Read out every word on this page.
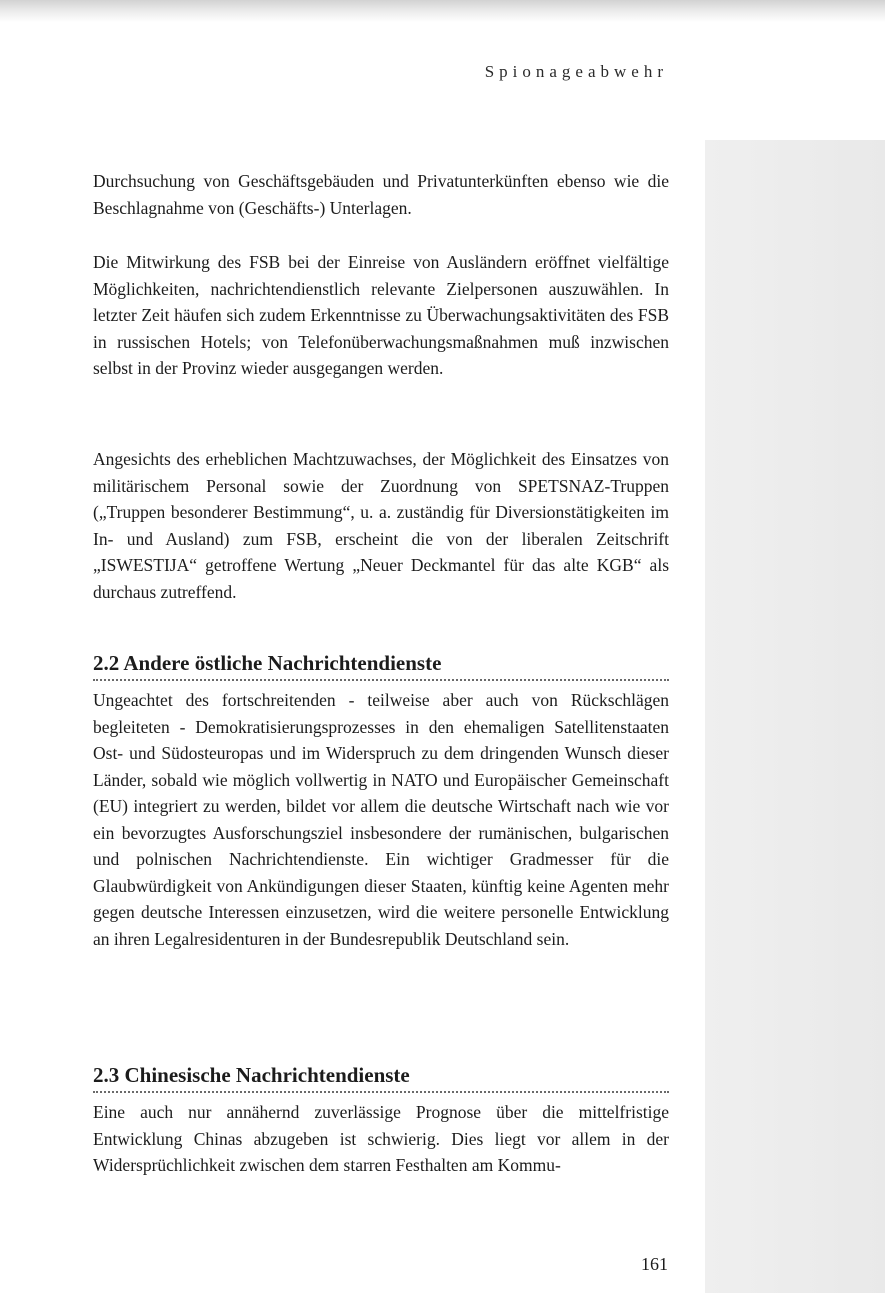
Spionageabwehr

Durchsuchung von Geschäftsgebäuden und Privatunterkünften ebenso wie die Beschlagnahme von (Geschäfts-) Unterlagen.

Die Mitwirkung des FSB bei der Einreise von Ausländern eröffnet vielfältige Möglichkeiten, nachrichtendienstlich relevante Zielpersonen auszuwählen. In letzter Zeit häufen sich zudem Erkenntnisse zu Überwachungsaktivitäten des FSB in russischen Hotels; von Telefonüberwachungsmaßnahmen muß inzwischen selbst in der Provinz wieder ausgegangen werden.

Angesichts des erheblichen Machtzuwachses, der Möglichkeit des Einsatzes von militärischem Personal sowie der Zuordnung von SPETSNAZ-Truppen („Truppen besonderer Bestimmung“, u. a. zuständig für Diversionstätigkeiten im In- und Ausland) zum FSB, erscheint die von der liberalen Zeitschrift „ISWESTIJA“ getroffene Wertung „Neuer Deckmantel für das alte KGB“ als durchaus zutreffend.

2.2 Andere östliche Nachrichtendienste

Ungeachtet des fortschreitenden - teilweise aber auch von Rückschlägen begleiteten - Demokratisierungsprozesses in den ehemaligen Satellitenstaaten Ost- und Südosteuropas und im Widerspruch zu dem dringenden Wunsch dieser Länder, sobald wie möglich vollwertig in NATO und Europäischer Gemeinschaft (EU) integriert zu werden, bildet vor allem die deutsche Wirtschaft nach wie vor ein bevorzugtes Ausforschungsziel insbesondere der rumänischen, bulgarischen und polnischen Nachrichtendienste. Ein wichtiger Gradmesser für die Glaubwürdigkeit von Ankündigungen dieser Staaten, künftig keine Agenten mehr gegen deutsche Interessen einzusetzen, wird die weitere personelle Entwicklung an ihren Legalresidenturen in der Bundesrepublik Deutschland sein.

2.3 Chinesische Nachrichtendienste

Eine auch nur annähernd zuverlässige Prognose über die mittelfristige Entwicklung Chinas abzugeben ist schwierig. Dies liegt vor allem in der Widersprüchlichkeit zwischen dem starren Festhalten am Kommu-

161
